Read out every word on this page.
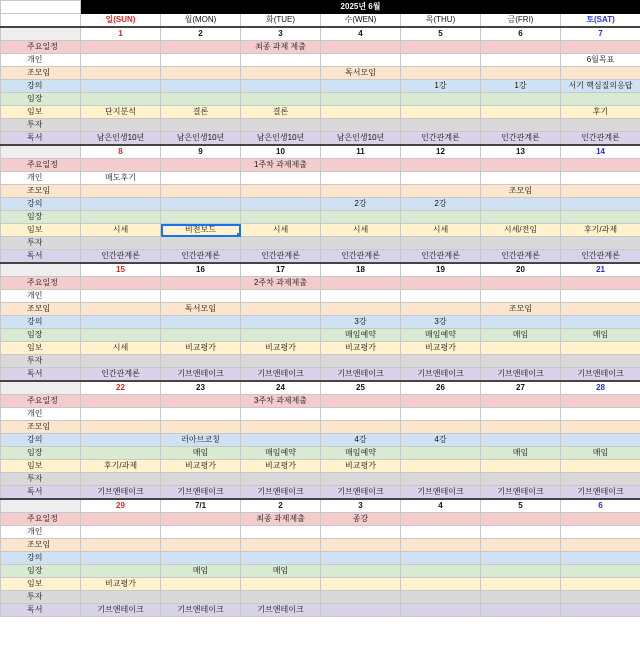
	2025년 6월						
	일(SUN)	월(MON)	화(TUE)	수(WEN)	목(THU)	금(FRI)	토(SAT)
	1	2	3	4	5	6	7
주요일정			최종 과제 제출				
개인							6월목표
조모임				독서모임			
강의					1강	1강	서기 핵심질의응답
임장							
임보	단지분석	결론	결론				후기
투자							
독서	남은인생10년	남은인생10년	남은인생10년	남은인생10년	인간관계론	인간관계론	인간관계론
	8	9	10	11	12	13	14
주요일정			1주차 과제제출				
개인	매도후기						
조모임						조모임	
강의				2강	2강		
임장							
임보	시세	비전보드	시세	시세	시세	시세/전임	후기/과제
투자							
독서	인간관계론	인간관계론	인간관계론	인간관계론	인간관계론	인간관계론	인간관계론
	15	16	17	18	19	20	21
주요일정			2주차 과제제출				
개인							
조모임		독서모임				조모임	
강의				3강	3강		
임장				매임예약	매임예약	매임	매임
임보	시세	비교평가	비교평가	비교평가	비교평가		
투자							
독서	인간관계론	기브앤테이크	기브앤테이크	기브앤테이크	기브앤테이크	기브앤테이크	기브앤테이크
	22	23	24	25	26	27	28
주요일정			3주차 과제제출				
개인							
조모임							
강의		러아브코칭		4강	4강		
임장		매임	매임예약	매임예약		매임	매임
임보	후기/과제	비교평가	비교평가	비교평가			
투자							
독서	기브앤테이크	기브앤테이크	기브앤테이크	기브앤테이크	기브앤테이크	기브앤테이크	기브앤테이크
	29	7/1	2	3	4	5	6
주요일정			최종 과제제출	종강			
개인							
조모임							
강의							
임장		매임	매임				
임보	비교평가						
투자							
독서	기브앤테이크	기브앤테이크	기브앤테이크				
